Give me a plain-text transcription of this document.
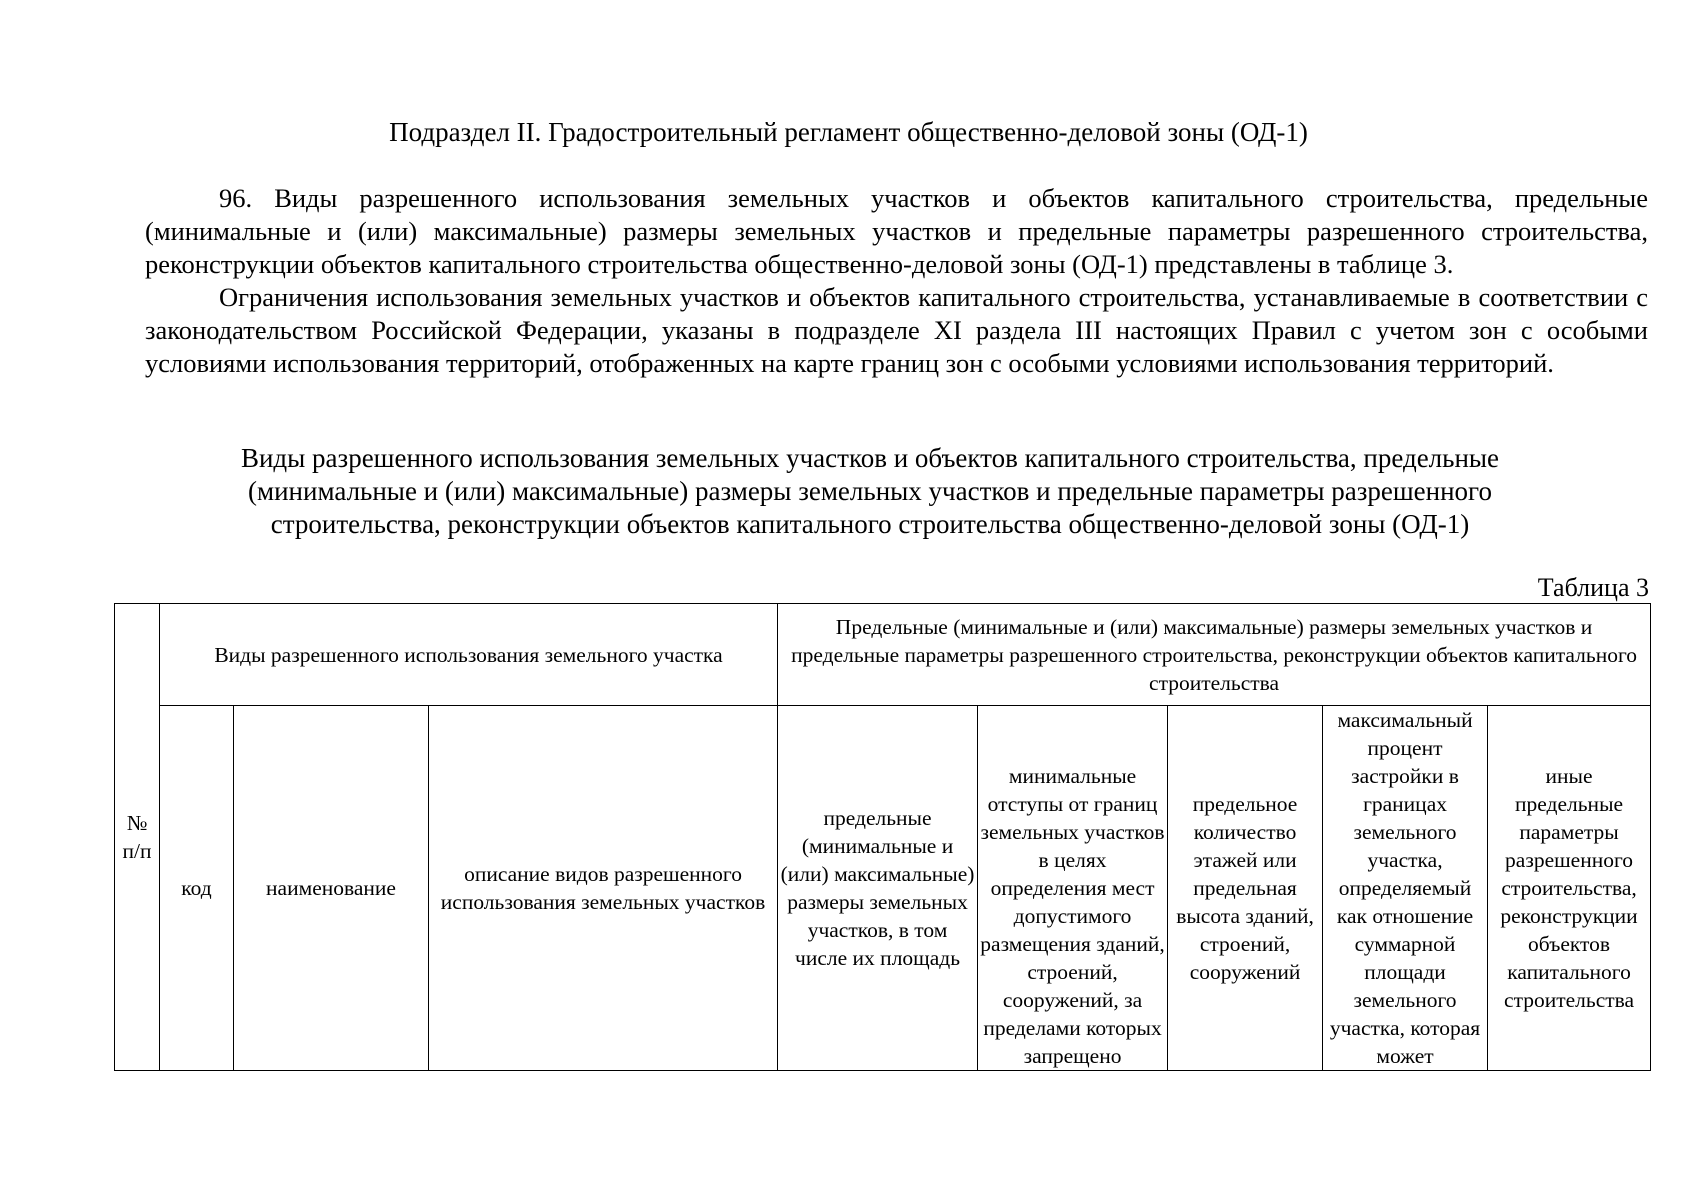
Подраздел II. Градостроительный регламент общественно-деловой зоны (ОД-1)

96. Виды разрешенного использования земельных участков и объектов капитального строительства, предельные (минимальные и (или) максимальные) размеры земельных участков и предельные параметры разрешенного строительства, реконструкции объектов капитального строительства общественно-деловой зоны (ОД-1) представлены в таблице 3.

Ограничения использования земельных участков и объектов капитального строительства, устанавливаемые в соответствии с законодательством Российской Федерации, указаны в подразделе XI раздела III настоящих Правил с учетом зон с особыми условиями использования территорий, отображенных на карте границ зон с особыми условиями использования территорий.

Виды разрешенного использования земельных участков и объектов капитального строительства, предельные (минимальные и (или) максимальные) размеры земельных участков и предельные параметры разрешенного строительства, реконструкции объектов капитального строительства общественно-деловой зоны (ОД-1)
Таблица 3
№ п/п	Виды разрешенного использования земельного участка			Предельные (минимальные и (или) максимальные) размеры земельных участков и предельные параметры разрешенного строительства, реконструкции объектов капитального строительства				
	код	наименование	описание видов разрешенного использования земельных участков	предельные (минимальные и (или) максимальные) размеры земельных участков, в том числе их площадь	минимальные отступы от границ земельных участков в целях определения мест допустимого размещения зданий, строений, сооружений, за пределами которых запрещено	предельное количество этажей или предельная высота зданий, строений, сооружений	максимальный процент застройки в границах земельного участка, определяемый как отношение суммарной площади земельного участка, которая может	иные предельные параметры разрешенного строительства, реконструкции объектов капитального строительства
